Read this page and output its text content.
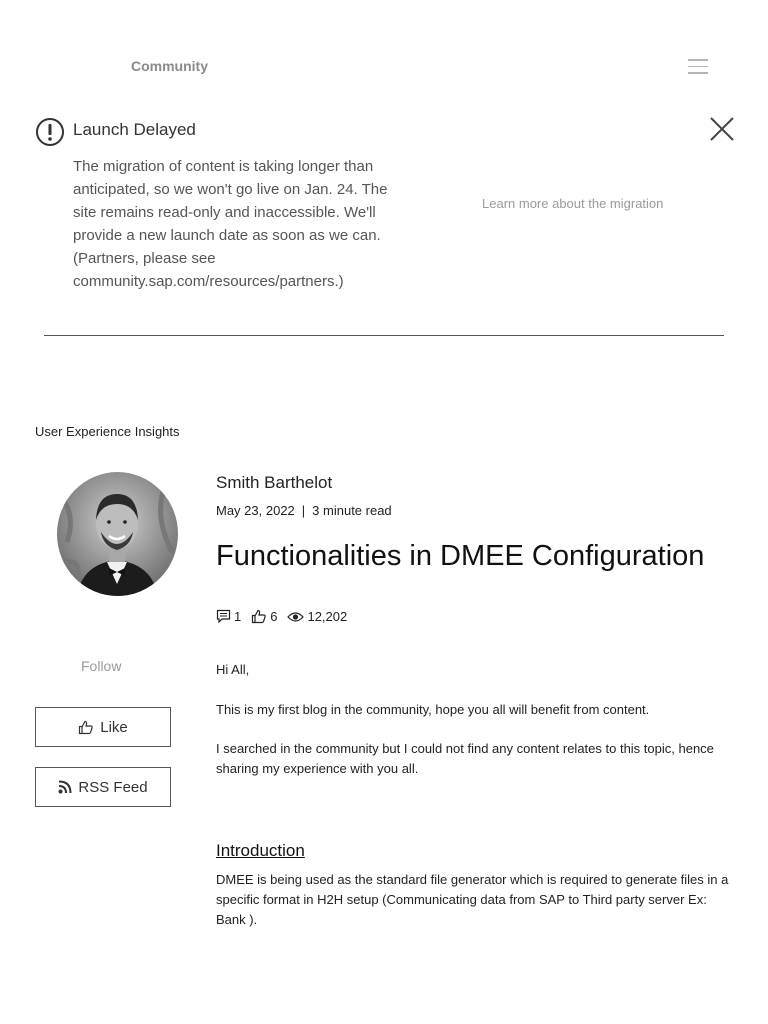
Community
Launch Delayed
The migration of content is taking longer than anticipated, so we won't go live on Jan. 24. The site remains read-only and inaccessible. We'll provide a new launch date as soon as we can. (Partners, please see community.sap.com/resources/partners.)
Learn more about the migration
User Experience Insights
Smith Barthelot
May 23, 2022 | 3 minute read
Functionalities in DMEE Configuration
1 6 12,202
Follow
Like
RSS Feed
Hi All,
This is my first blog in the community, hope you all will benefit from content.
I searched in the community but I could not find any content relates to this topic, hence sharing my experience with you all.
Introduction
DMEE is being used as the standard file generator which is required to generate files in a specific format in H2H setup (Communicating data from SAP to Third party server Ex: Bank ).
